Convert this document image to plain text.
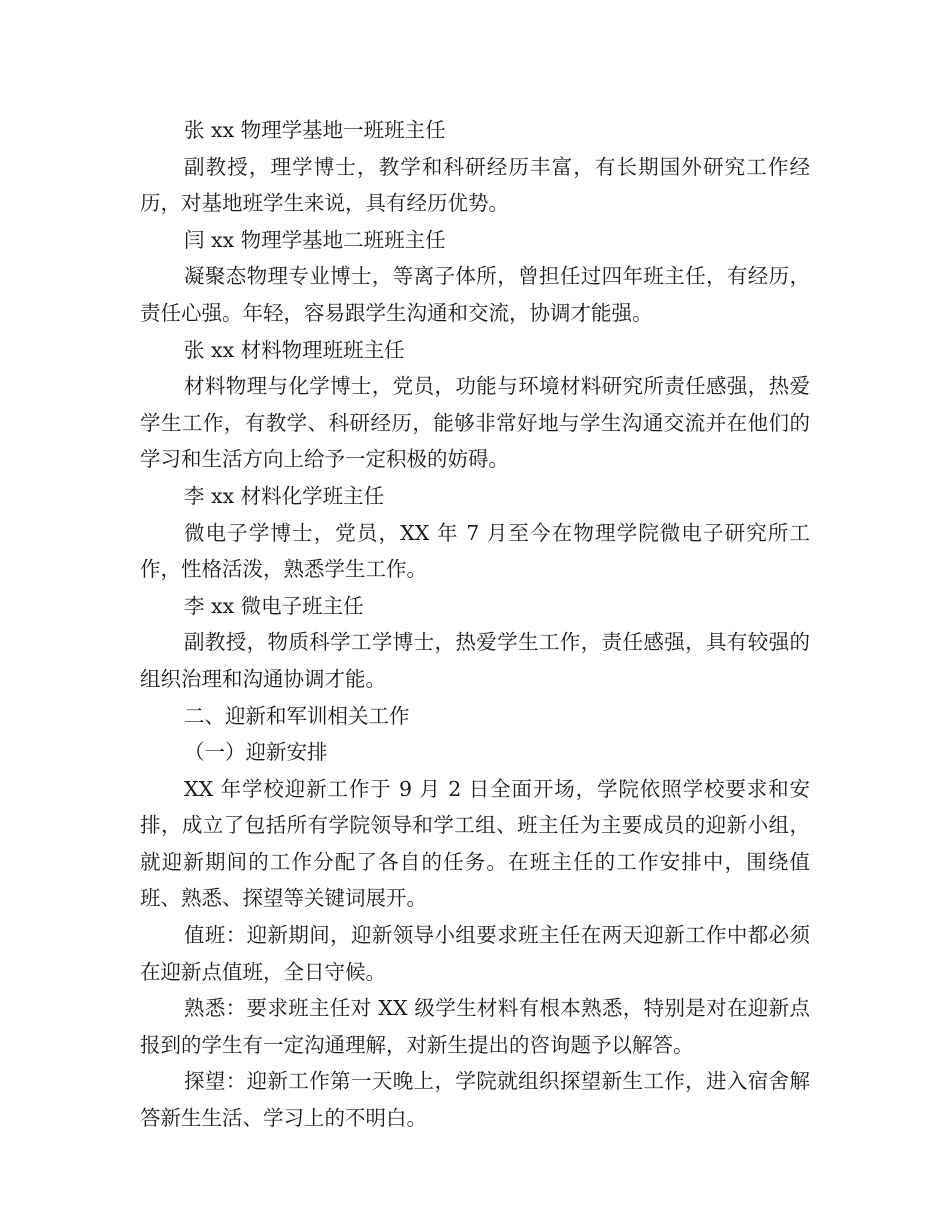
张 xx 物理学基地一班班主任

副教授，理学博士，教学和科研经历丰富，有长期国外研究工作经历，对基地班学生来说，具有经历优势。

闫 xx 物理学基地二班班主任

凝聚态物理专业博士，等离子体所，曾担任过四年班主任，有经历，责任心强。年轻，容易跟学生沟通和交流，协调才能强。

张 xx 材料物理班班主任

材料物理与化学博士，党员，功能与环境材料研究所责任感强，热爱学生工作，有教学、科研经历，能够非常好地与学生沟通交流并在他们的学习和生活方向上给予一定积极的妨碍。

李 xx 材料化学班主任

微电子学博士，党员，XX 年 7 月至今在物理学院微电子研究所工作，性格活泼，熟悉学生工作。

李 xx 微电子班主任

副教授，物质科学工学博士，热爱学生工作，责任感强，具有较强的组织治理和沟通协调才能。

二、迎新和军训相关工作

（一）迎新安排

XX 年学校迎新工作于 9 月 2 日全面开场，学院依照学校要求和安排，成立了包括所有学院领导和学工组、班主任为主要成员的迎新小组，就迎新期间的工作分配了各自的任务。在班主任的工作安排中，围绕值班、熟悉、探望等关键词展开。

值班：迎新期间，迎新领导小组要求班主任在两天迎新工作中都必须在迎新点值班，全日守候。

熟悉：要求班主任对 XX 级学生材料有根本熟悉，特别是对在迎新点报到的学生有一定沟通理解，对新生提出的咨询题予以解答。

探望：迎新工作第一天晚上，学院就组织探望新生工作，进入宿舍解答新生生活、学习上的不明白。
